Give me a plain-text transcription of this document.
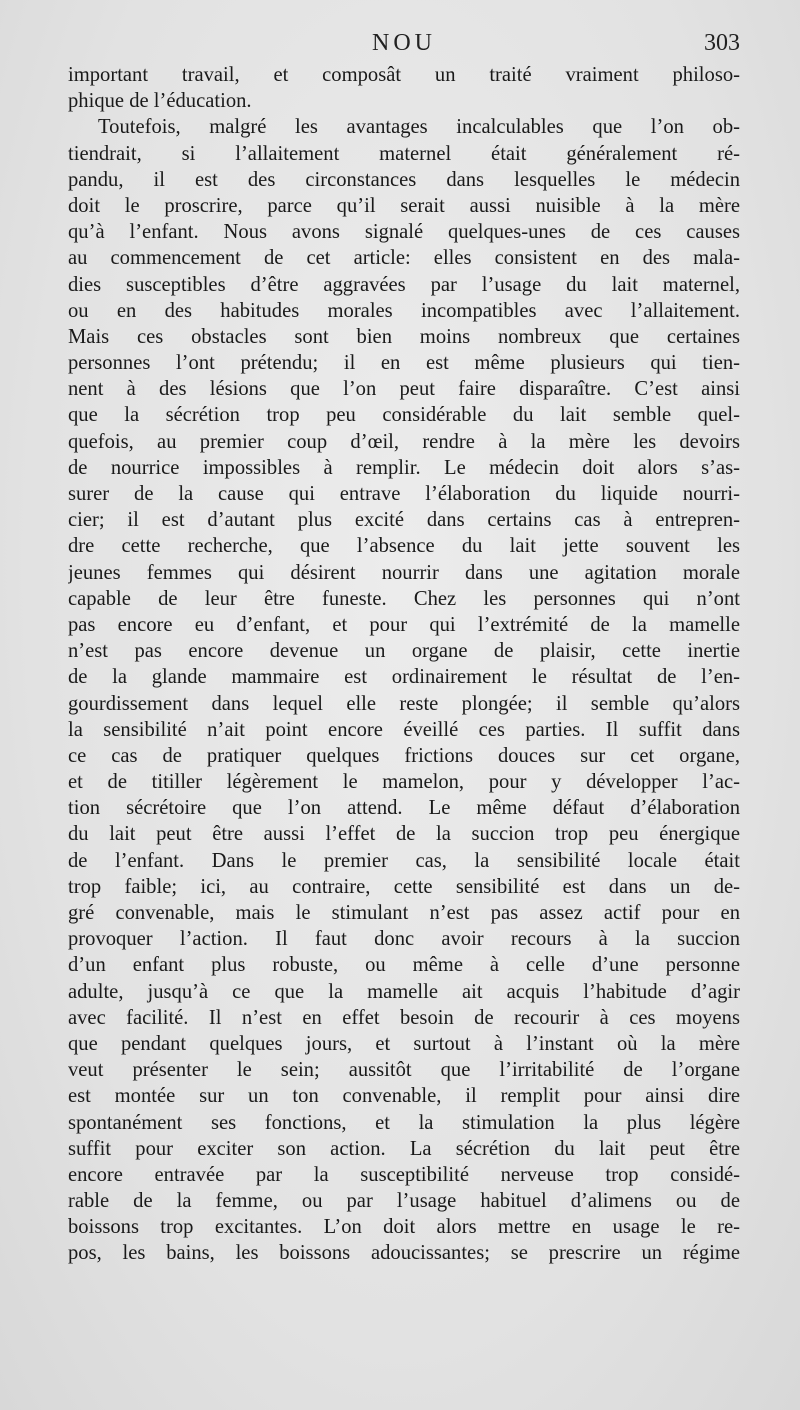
NOU	303
important travail, et composât un traité vraiment philoso-
phique de l’éducation.
Toutefois, malgré les avantages incalculables que l’on ob-
tiendrait, si l’allaitement maternel était généralement ré-
pandu, il est des circonstances dans lesquelles le médecin
doit le proscrire, parce qu’il serait aussi nuisible à la mère
qu’à l’enfant. Nous avons signalé quelques-unes de ces causes
au commencement de cet article: elles consistent en des mala-
dies susceptibles d’être aggravées par l’usage du lait maternel,
ou en des habitudes morales incompatibles avec l’allaitement.
Mais ces obstacles sont bien moins nombreux que certaines
personnes l’ont prétendu; il en est même plusieurs qui tien-
nent à des lésions que l’on peut faire disparaître. C’est ainsi
que la sécrétion trop peu considérable du lait semble quel-
quefois, au premier coup d’œil, rendre à la mère les devoirs
de nourrice impossibles à remplir. Le médecin doit alors s’as-
surer de la cause qui entrave l’élaboration du liquide nourri-
cier; il est d’autant plus excité dans certains cas à entrepren-
dre cette recherche, que l’absence du lait jette souvent les
jeunes femmes qui désirent nourrir dans une agitation morale
capable de leur être funeste. Chez les personnes qui n’ont
pas encore eu d’enfant, et pour qui l’extrémité de la mamelle
n’est pas encore devenue un organe de plaisir, cette inertie
de la glande mammaire est ordinairement le résultat de l’en-
gourdissement dans lequel elle reste plongée; il semble qu’alors
la sensibilité n’ait point encore éveillé ces parties. Il suffit dans
ce cas de pratiquer quelques frictions douces sur cet organe,
et de titiller légèrement le mamelon, pour y développer l’ac-
tion sécrétoire que l’on attend. Le même défaut d’élaboration
du lait peut être aussi l’effet de la succion trop peu énergique
de l’enfant. Dans le premier cas, la sensibilité locale était
trop faible; ici, au contraire, cette sensibilité est dans un de-
gré convenable, mais le stimulant n’est pas assez actif pour en
provoquer l’action. Il faut donc avoir recours à la succion
d’un enfant plus robuste, ou même à celle d’une personne
adulte, jusqu’à ce que la mamelle ait acquis l’habitude d’agir
avec facilité. Il n’est en effet besoin de recourir à ces moyens
que pendant quelques jours, et surtout à l’instant où la mère
veut présenter le sein; aussitôt que l’irritabilité de l’organe
est montée sur un ton convenable, il remplit pour ainsi dire
spontanément ses fonctions, et la stimulation la plus légère
suffit pour exciter son action. La sécrétion du lait peut être
encore entravée par la susceptibilité nerveuse trop considé-
rable de la femme, ou par l’usage habituel d’alimens ou de
boissons trop excitantes. L’on doit alors mettre en usage le re-
pos, les bains, les boissons adoucissantes; se prescrire un régime
